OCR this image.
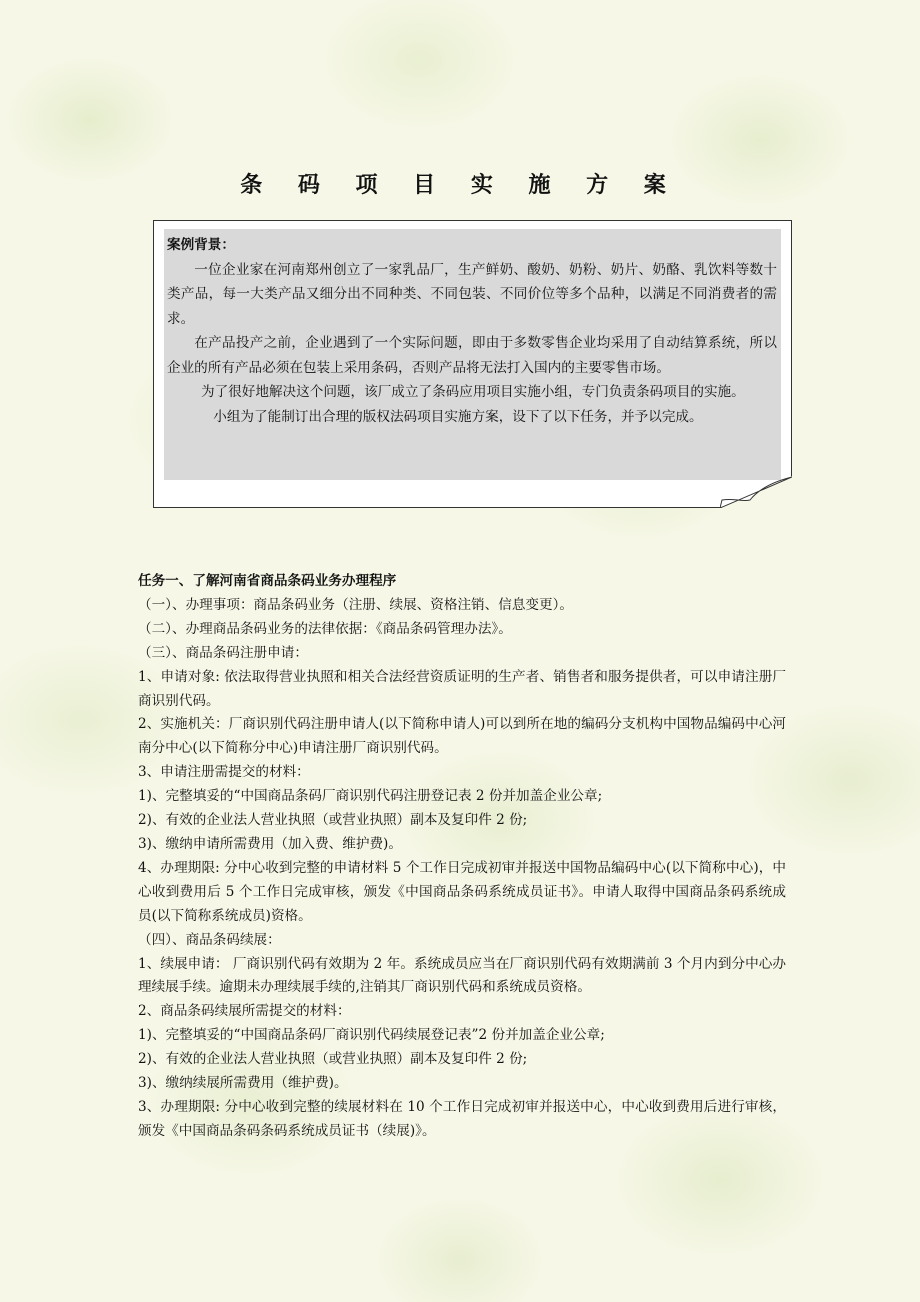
条 码 项 目 实 施 方 案
案例背景：
一位企业家在河南郑州创立了一家乳品厂，生产鲜奶、酸奶、奶粉、奶片、奶酪、乳饮料等数十类产品，每一大类产品又细分出不同种类、不同包装、不同价位等多个品种，以满足不同消费者的需求。
在产品投产之前，企业遇到了一个实际问题，即由于多数零售企业均采用了自动结算系统，所以企业的所有产品必须在包装上采用条码，否则产品将无法打入国内的主要零售市场。
为了很好地解决这个问题，该厂成立了条码应用项目实施小组，专门负责条码项目的实施。
小组为了能制订出合理的版权法码项目实施方案，设下了以下任务，并予以完成。

任务一、了解河南省商品条码业务办理程序

（一）、办理事项：商品条码业务（注册、续展、资格注销、信息变更）。

（二）、办理商品条码业务的法律依据：《商品条码管理办法》。

（三）、商品条码注册申请：

1、申请对象: 依法取得营业执照和相关合法经营资质证明的生产者、销售者和服务提供者，可以申请注册厂商识别代码。

2、实施机关：厂商识别代码注册申请人(以下简称申请人)可以到所在地的编码分支机构中国物品编码中心河南分中心(以下简称分中心)申请注册厂商识别代码。

3、申请注册需提交的材料：

1)、完整填妥的“中国商品条码厂商识别代码注册登记表 2 份并加盖企业公章;

2)、有效的企业法人营业执照（或营业执照）副本及复印件 2 份;

3)、缴纳申请所需费用（加入费、维护费)。

4、办理期限: 分中心收到完整的申请材料 5 个工作日完成初审并报送中国物品编码中心(以下简称中心)，中心收到费用后 5 个工作日完成审核，颁发《中国商品条码系统成员证书》。申请人取得中国商品条码系统成员(以下简称系统成员)资格。

（四）、商品条码续展：

1、续展申请： 厂商识别代码有效期为 2 年。系统成员应当在厂商识别代码有效期满前 3 个月内到分中心办理续展手续。逾期未办理续展手续的,注销其厂商识别代码和系统成员资格。

2、商品条码续展所需提交的材料：

1)、完整填妥的“中国商品条码厂商识别代码续展登记表”2 份并加盖企业公章;

2)、有效的企业法人营业执照（或营业执照）副本及复印件 2 份;

3)、缴纳续展所需费用（维护费)。

3、办理期限: 分中心收到完整的续展材料在 10 个工作日完成初审并报送中心，中心收到费用后进行审核，颁发《中国商品条码条码系统成员证书（续展)》。
